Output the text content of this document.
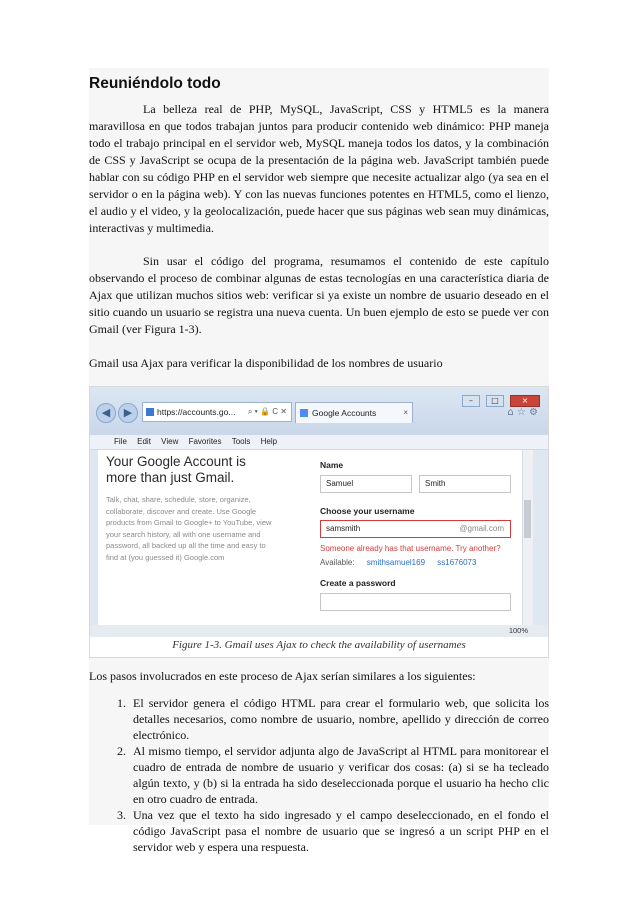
Reuniéndolo todo

La belleza real de PHP, MySQL, JavaScript, CSS y HTML5 es la manera maravillosa en que todos trabajan juntos para producir contenido web dinámico: PHP maneja todo el trabajo principal en el servidor web, MySQL maneja todos los datos, y la combinación de CSS y JavaScript se ocupa de la presentación de la página web. JavaScript también puede hablar con su código PHP en el servidor web siempre que necesite actualizar algo (ya sea en el servidor o en la página web). Y con las nuevas funciones potentes en HTML5, como el lienzo, el audio y el video, y la geolocalización, puede hacer que sus páginas web sean muy dinámicas, interactivas y multimedia.

Sin usar el código del programa, resumamos el contenido de este capítulo observando el proceso de combinar algunas de estas tecnologías en una característica diaria de Ajax que utilizan muchos sitios web: verificar si ya existe un nombre de usuario deseado en el sitio cuando un usuario se registra una nueva cuenta. Un buen ejemplo de esto se puede ver con Gmail (ver Figura 1-3).

Gmail usa Ajax para verificar la disponibilidad de los nombres de usuario

◀	▶	https://accounts.go... ⌕ ▾ 🔒 C ✕	Google Accounts	×
– □	×
⌂ ☆ ⚙
File Edit View Favorites Tools Help
Your Google Account is more than just Gmail.
Talk, chat, share, schedule, store, organize, collaborate, discover and create. Use Google products from Gmail to Google+ to YouTube, view your search history, all with one username and password, all backed up all the time and easy to find at (you guessed it) Google.com
Name
Samuel	Smith
Choose your username
samsmith	@gmail.com
Someone already has that username. Try another?
Available: smithsamuel169 ss1676073
Create a password
100%
Figure 1-3. Gmail uses Ajax to check the availability of usernames

Los pasos involucrados en este proceso de Ajax serían similares a los siguientes:

1. El servidor genera el código HTML para crear el formulario web, que solicita los detalles necesarios, como nombre de usuario, nombre, apellido y dirección de correo electrónico.
2. Al mismo tiempo, el servidor adjunta algo de JavaScript al HTML para monitorear el cuadro de entrada de nombre de usuario y verificar dos cosas: (a) si se ha tecleado algún texto, y (b) si la entrada ha sido deseleccionada porque el usuario ha hecho clic en otro cuadro de entrada.
3. Una vez que el texto ha sido ingresado y el campo deseleccionado, en el fondo el código JavaScript pasa el nombre de usuario que se ingresó a un script PHP en el servidor web y espera una respuesta.
